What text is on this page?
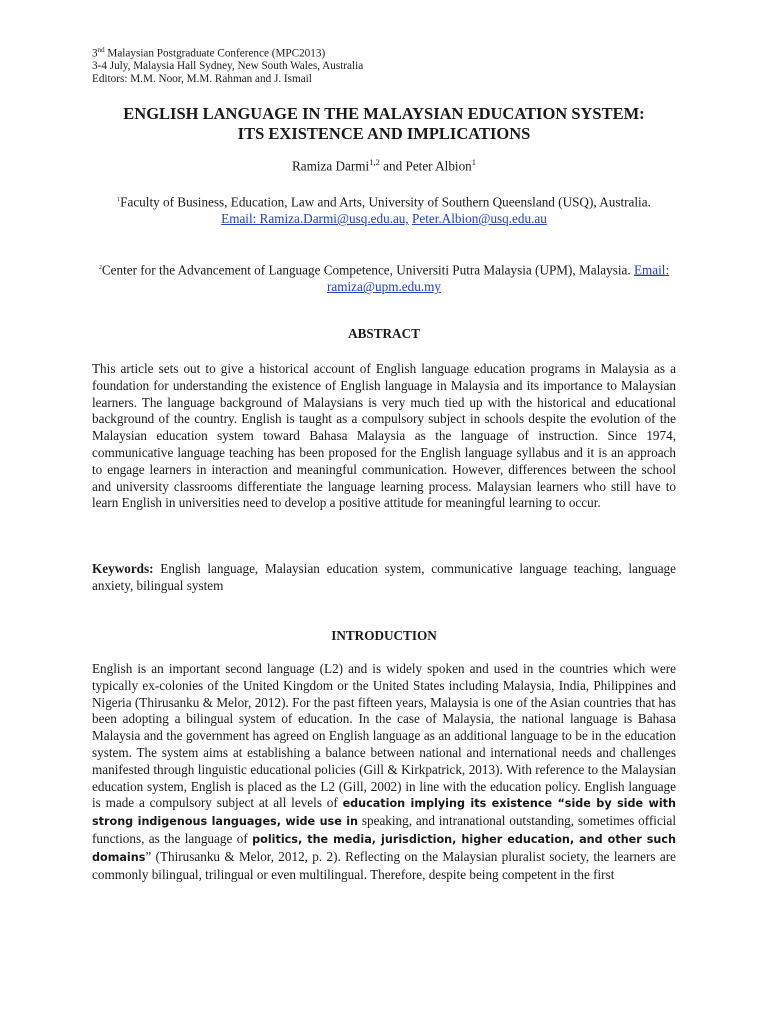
3nd Malaysian Postgraduate Conference (MPC2013)
3-4 July, Malaysia Hall Sydney, New South Wales, Australia
Editors: M.M. Noor, M.M. Rahman and J. Ismail
ENGLISH LANGUAGE IN THE MALAYSIAN EDUCATION SYSTEM:
ITS EXISTENCE AND IMPLICATIONS
Ramiza Darmi$^{1,2}$ and Peter Albion$^1$
$^1$Faculty of Business, Education, Law and Arts, University of Southern Queensland (USQ), Australia.
Email: Ramiza.Darmi@usq.edu.au, Peter.Albion@usq.edu.au
$^2$Center for the Advancement of Language Competence, Universiti Putra Malaysia (UPM), Malaysia. Email: ramiza@upm.edu.my
ABSTRACT
This article sets out to give a historical account of English language education programs in Malaysia as a foundation for understanding the existence of English language in Malaysia and its importance to Malaysian learners. The language background of Malaysians is very much tied up with the historical and educational background of the country. English is taught as a compulsory subject in schools despite the evolution of the Malaysian education system toward Bahasa Malaysia as the language of instruction. Since 1974, communicative language teaching has been proposed for the English language syllabus and it is an approach to engage learners in interaction and meaningful communication. However, differences between the school and university classrooms differentiate the language learning process. Malaysian learners who still have to learn English in universities need to develop a positive attitude for meaningful learning to occur.
Keywords: English language, Malaysian education system, communicative language teaching, language anxiety, bilingual system
INTRODUCTION
English is an important second language (L2) and is widely spoken and used in the countries which were typically ex-colonies of the United Kingdom or the United States including Malaysia, India, Philippines and Nigeria (Thirusanku & Melor, 2012). For the past fifteen years, Malaysia is one of the Asian countries that has been adopting a bilingual system of education. In the case of Malaysia, the national language is Bahasa Malaysia and the government has agreed on English language as an additional language to be in the education system. The system aims at establishing a balance between national and international needs and challenges manifested through linguistic educational policies (Gill & Kirkpatrick, 2013). With reference to the Malaysian education system, English is placed as the L2 (Gill, 2002) in line with the education policy. English language is made a compulsory subject at all levels of education implying its existence “side by side with strong indigenous languages, wide use in speaking, and intranational outstanding, sometimes official functions, as the language of politics, the media, jurisdiction, higher education, and other such domains” (Thirusanku & Melor, 2012, p. 2). Reflecting on the Malaysian pluralist society, the learners are commonly bilingual, trilingual or even multilingual. Therefore, despite being competent in the first
